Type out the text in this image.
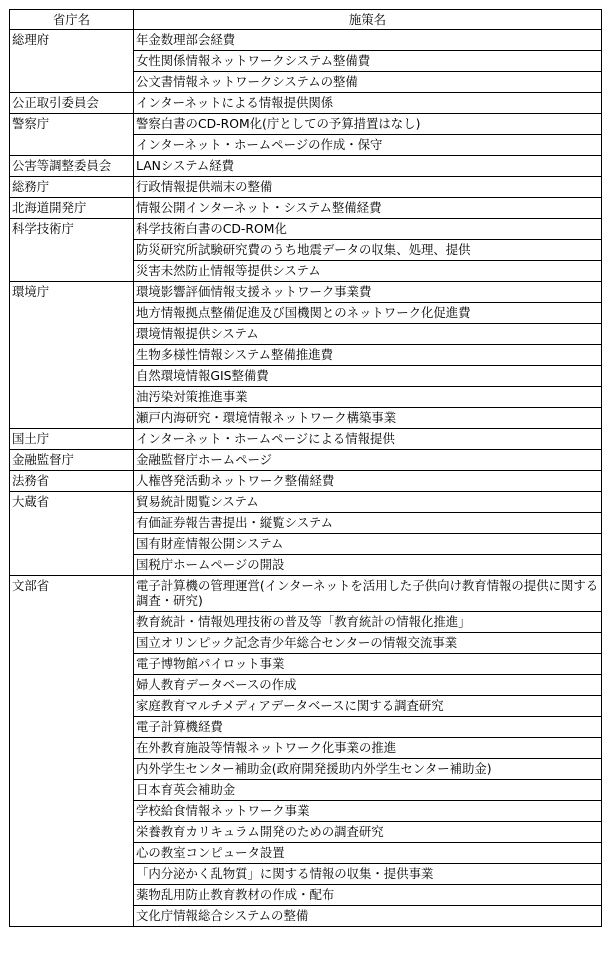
省庁名	施策名
総理府	年金数理部会経費
	女性関係情報ネットワークシステム整備費
	公文書情報ネットワークシステムの整備
公正取引委員会	インターネットによる情報提供関係
警察庁	警察白書のCD-ROM化(庁としての予算措置はなし)
	インターネット・ホームページの作成・保守
公害等調整委員会	LANシステム経費
総務庁	行政情報提供端末の整備
北海道開発庁	情報公開インターネット・システム整備経費
科学技術庁	科学技術白書のCD-ROM化
	防災研究所試験研究費のうち地震データの収集、処理、提供
	災害未然防止情報等提供システム
環境庁	環境影響評価情報支援ネットワーク事業費
	地方情報拠点整備促進及び国機関とのネットワーク化促進費
	環境情報提供システム
	生物多様性情報システム整備推進費
	自然環境情報GIS整備費
	油汚染対策推進事業
	瀬戸内海研究・環境情報ネットワーク構築事業
国土庁	インターネット・ホームページによる情報提供
金融監督庁	金融監督庁ホームページ
法務省	人権啓発活動ネットワーク整備経費
大蔵省	貿易統計閲覧システム
	有価証券報告書提出・縦覧システム
	国有財産情報公開システム
	国税庁ホームページの開設
文部省	電子計算機の管理運営(インターネットを活用した子供向け教育情報の提供に関する調査・研究)
	教育統計・情報処理技術の普及等「教育統計の情報化推進」
	国立オリンピック記念青少年総合センターの情報交流事業
	電子博物館パイロット事業
	婦人教育データベースの作成
	家庭教育マルチメディアデータベースに関する調査研究
	電子計算機経費
	在外教育施設等情報ネットワーク化事業の推進
	内外学生センター補助金(政府開発援助内外学生センター補助金)
	日本育英会補助金
	学校給食情報ネットワーク事業
	栄養教育カリキュラム開発のための調査研究
	心の教室コンピュータ設置
	「内分泌かく乱物質」に関する情報の収集・提供事業
	薬物乱用防止教育教材の作成・配布
	文化庁情報総合システムの整備
